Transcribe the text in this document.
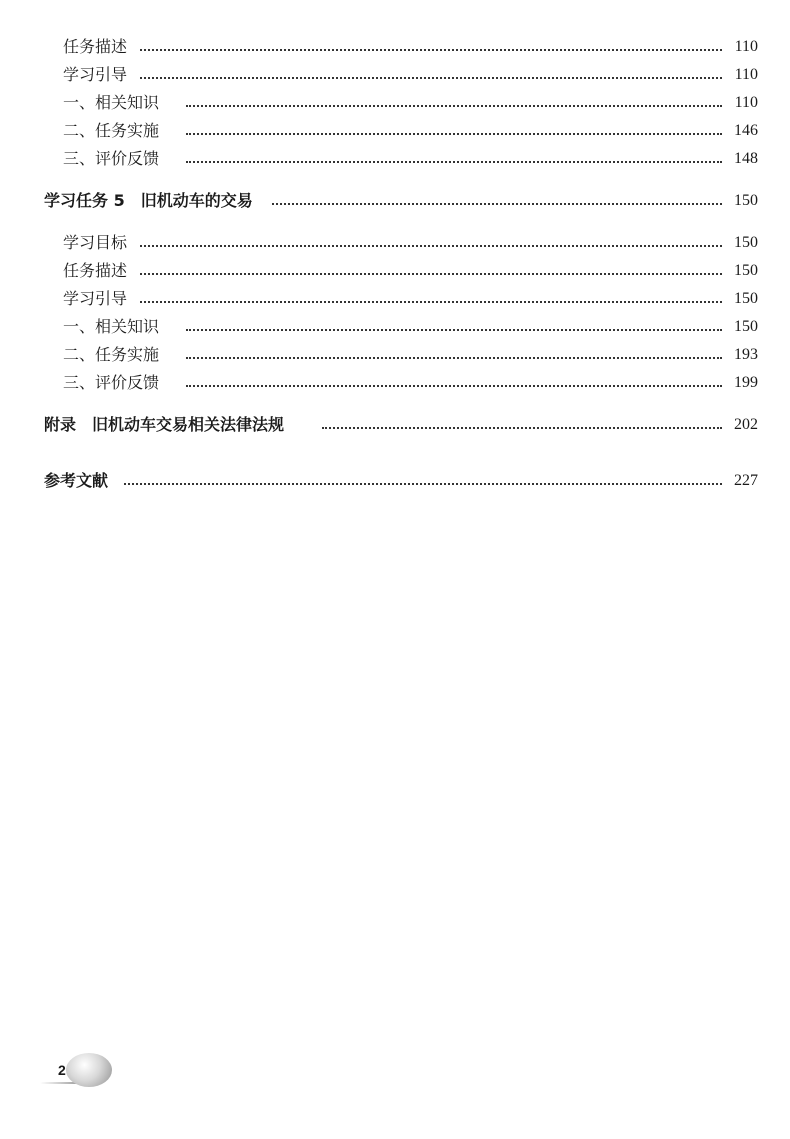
任务描述	110
学习引导	110
一、相关知识	110
二、任务实施	146
三、评价反馈	148
学习任务 5　旧机动车的交易	150
学习目标	150
任务描述	150
学习引导	150
一、相关知识	150
二、任务实施	193
三、评价反馈	199
附录　旧机动车交易相关法律法规	202
参考文献	227
2
